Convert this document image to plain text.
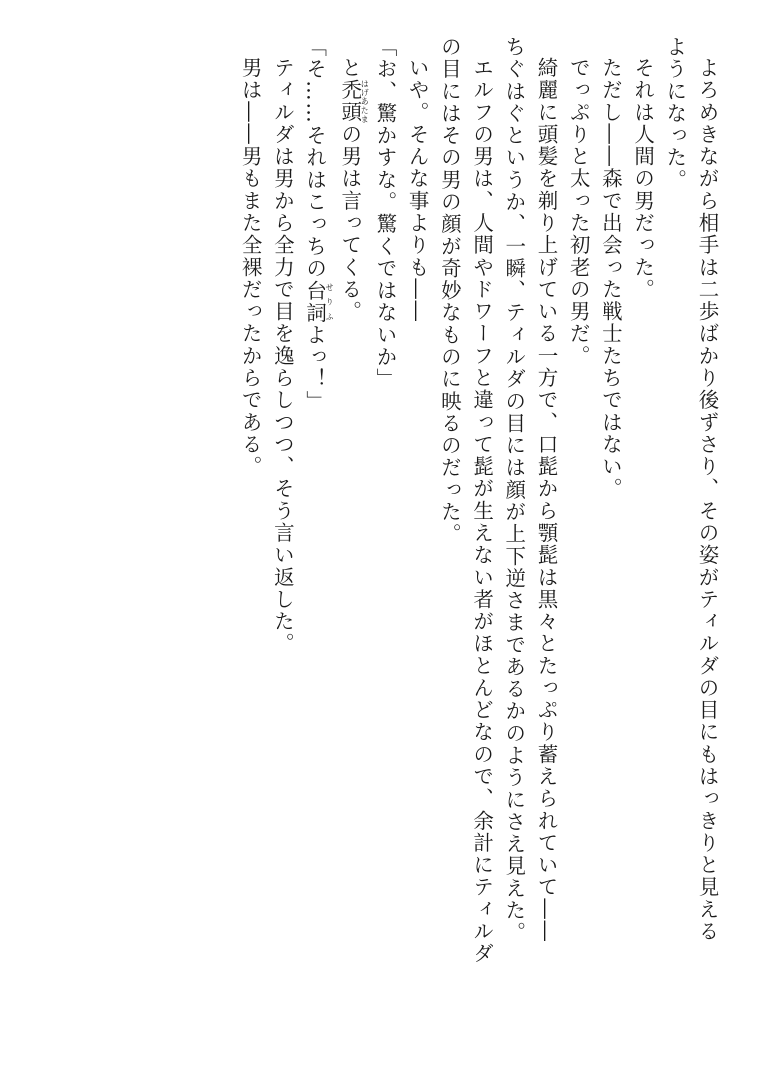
よろめきながら相手は二歩ばかり後ずさり、その姿がティルダの目にもはっきりと見える

ようになった。

それは人間の男だった。

ただし――森で出会った戦士たちではない。

でっぷりと太った初老の男だ。

綺麗に頭髪を剃り上げている一方で、口髭から顎髭は黒々とたっぷり蓄えられていて――

ちぐはぐというか、一瞬、ティルダの目には顔が上下逆さまであるかのようにさえ見えた。

エルフの男は、人間やドワーフと違って髭が生えない者がほとんどなので、余計にティルダ

の目にはその男の顔が奇妙なものに映るのだった。

いや。そんな事よりも――

「お、驚かすな。驚くではないか」

と禿頭はげあたまの男は言ってくる。

「そ……それはこっちの台詞せりふよっ！」

ティルダは男から全力で目を逸らしつつ、そう言い返した。

男は――男もまた全裸だったからである。
